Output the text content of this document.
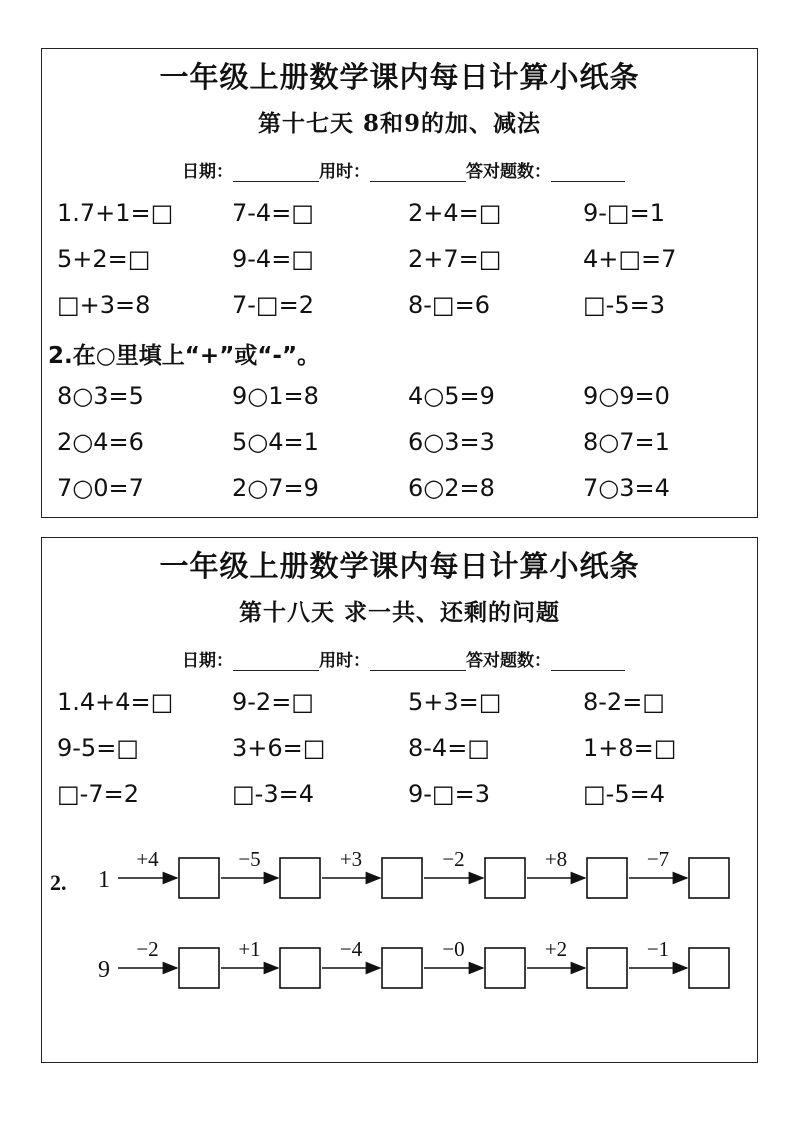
一年级上册数学课内每日计算小纸条
第十七天 8和9的加、减法
日期：	用时：	答对题数：
1.7+1=□ 7-4=□	2+4=□	9-□=1
5+2=□	9-4=□	2+7=□	4+□=7
□+3=8	7-□=2	8-□=6	□-5=3
2.在○里填上“+”或“-”。
8○3=5	9○1=8	4○5=9	9○9=0
2○4=6	5○4=1	6○3=3	8○7=1
7○0=7	2○7=9	6○2=8	7○3=4
一年级上册数学课内每日计算小纸条
第十八天 求一共、还剩的问题
日期：	用时：	答对题数：
1.4+4=□ 9-2=□	5+3=□	8-2=□
9-5=□	3+6=□	8-4=□	1+8=□
□-7=2	□-3=4	9-□=3	□-5=4
2. 1
+4	−5	+3	−2	+8	−7
9
−2	+1	−4	−0	+2	−1
